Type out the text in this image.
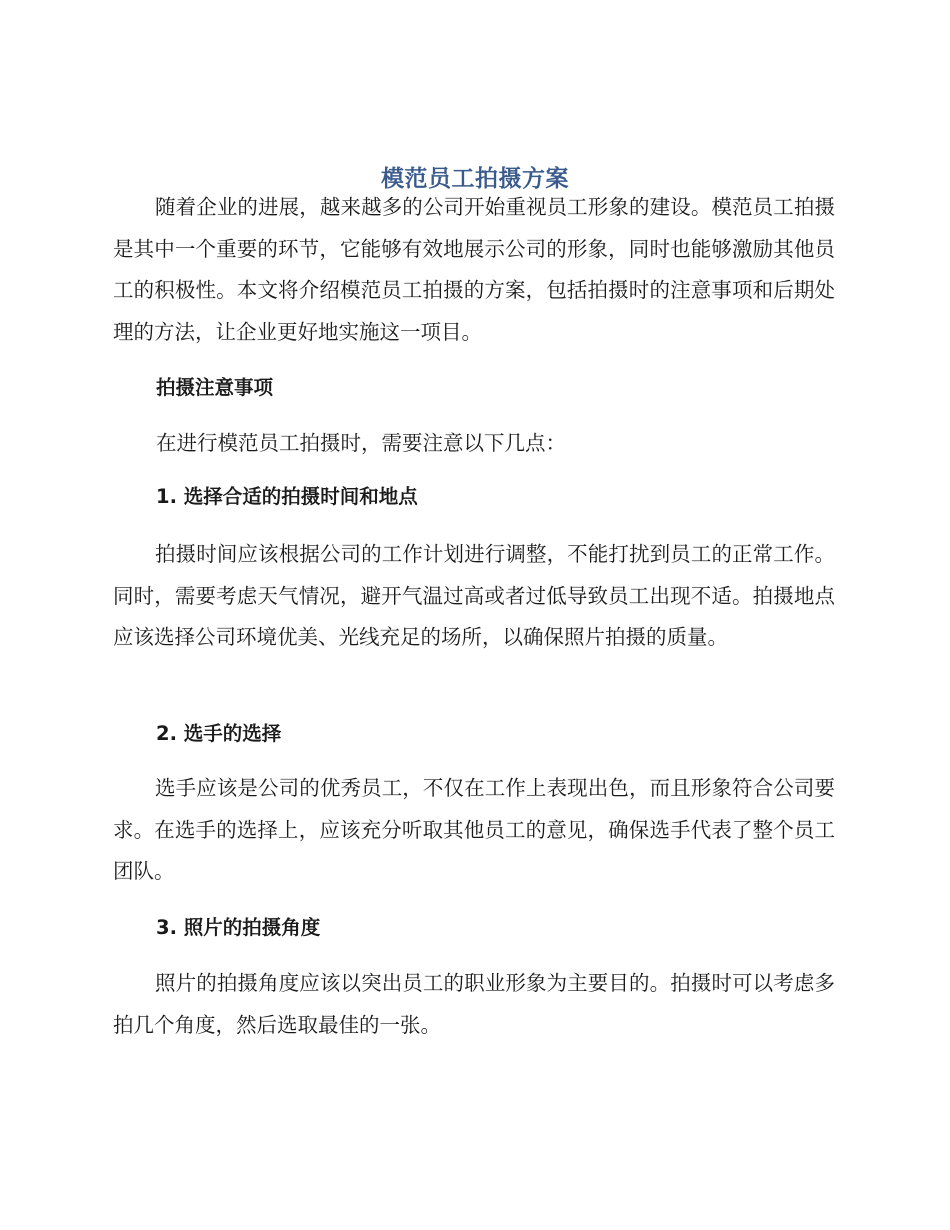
模范员工拍摄方案

随着企业的进展，越来越多的公司开始重视员工形象的建设。模范员工拍摄是其中一个重要的环节，它能够有效地展示公司的形象，同时也能够激励其他员工的积极性。本文将介绍模范员工拍摄的方案，包括拍摄时的注意事项和后期处理的方法，让企业更好地实施这一项目。

拍摄注意事项

在进行模范员工拍摄时，需要注意以下几点：

1. 选择合适的拍摄时间和地点

拍摄时间应该根据公司的工作计划进行调整，不能打扰到员工的正常工作。同时，需要考虑天气情况，避开气温过高或者过低导致员工出现不适。拍摄地点应该选择公司环境优美、光线充足的场所，以确保照片拍摄的质量。

2. 选手的选择

选手应该是公司的优秀员工，不仅在工作上表现出色，而且形象符合公司要求。在选手的选择上，应该充分听取其他员工的意见，确保选手代表了整个员工团队。

3. 照片的拍摄角度

照片的拍摄角度应该以突出员工的职业形象为主要目的。拍摄时可以考虑多拍几个角度，然后选取最佳的一张。
